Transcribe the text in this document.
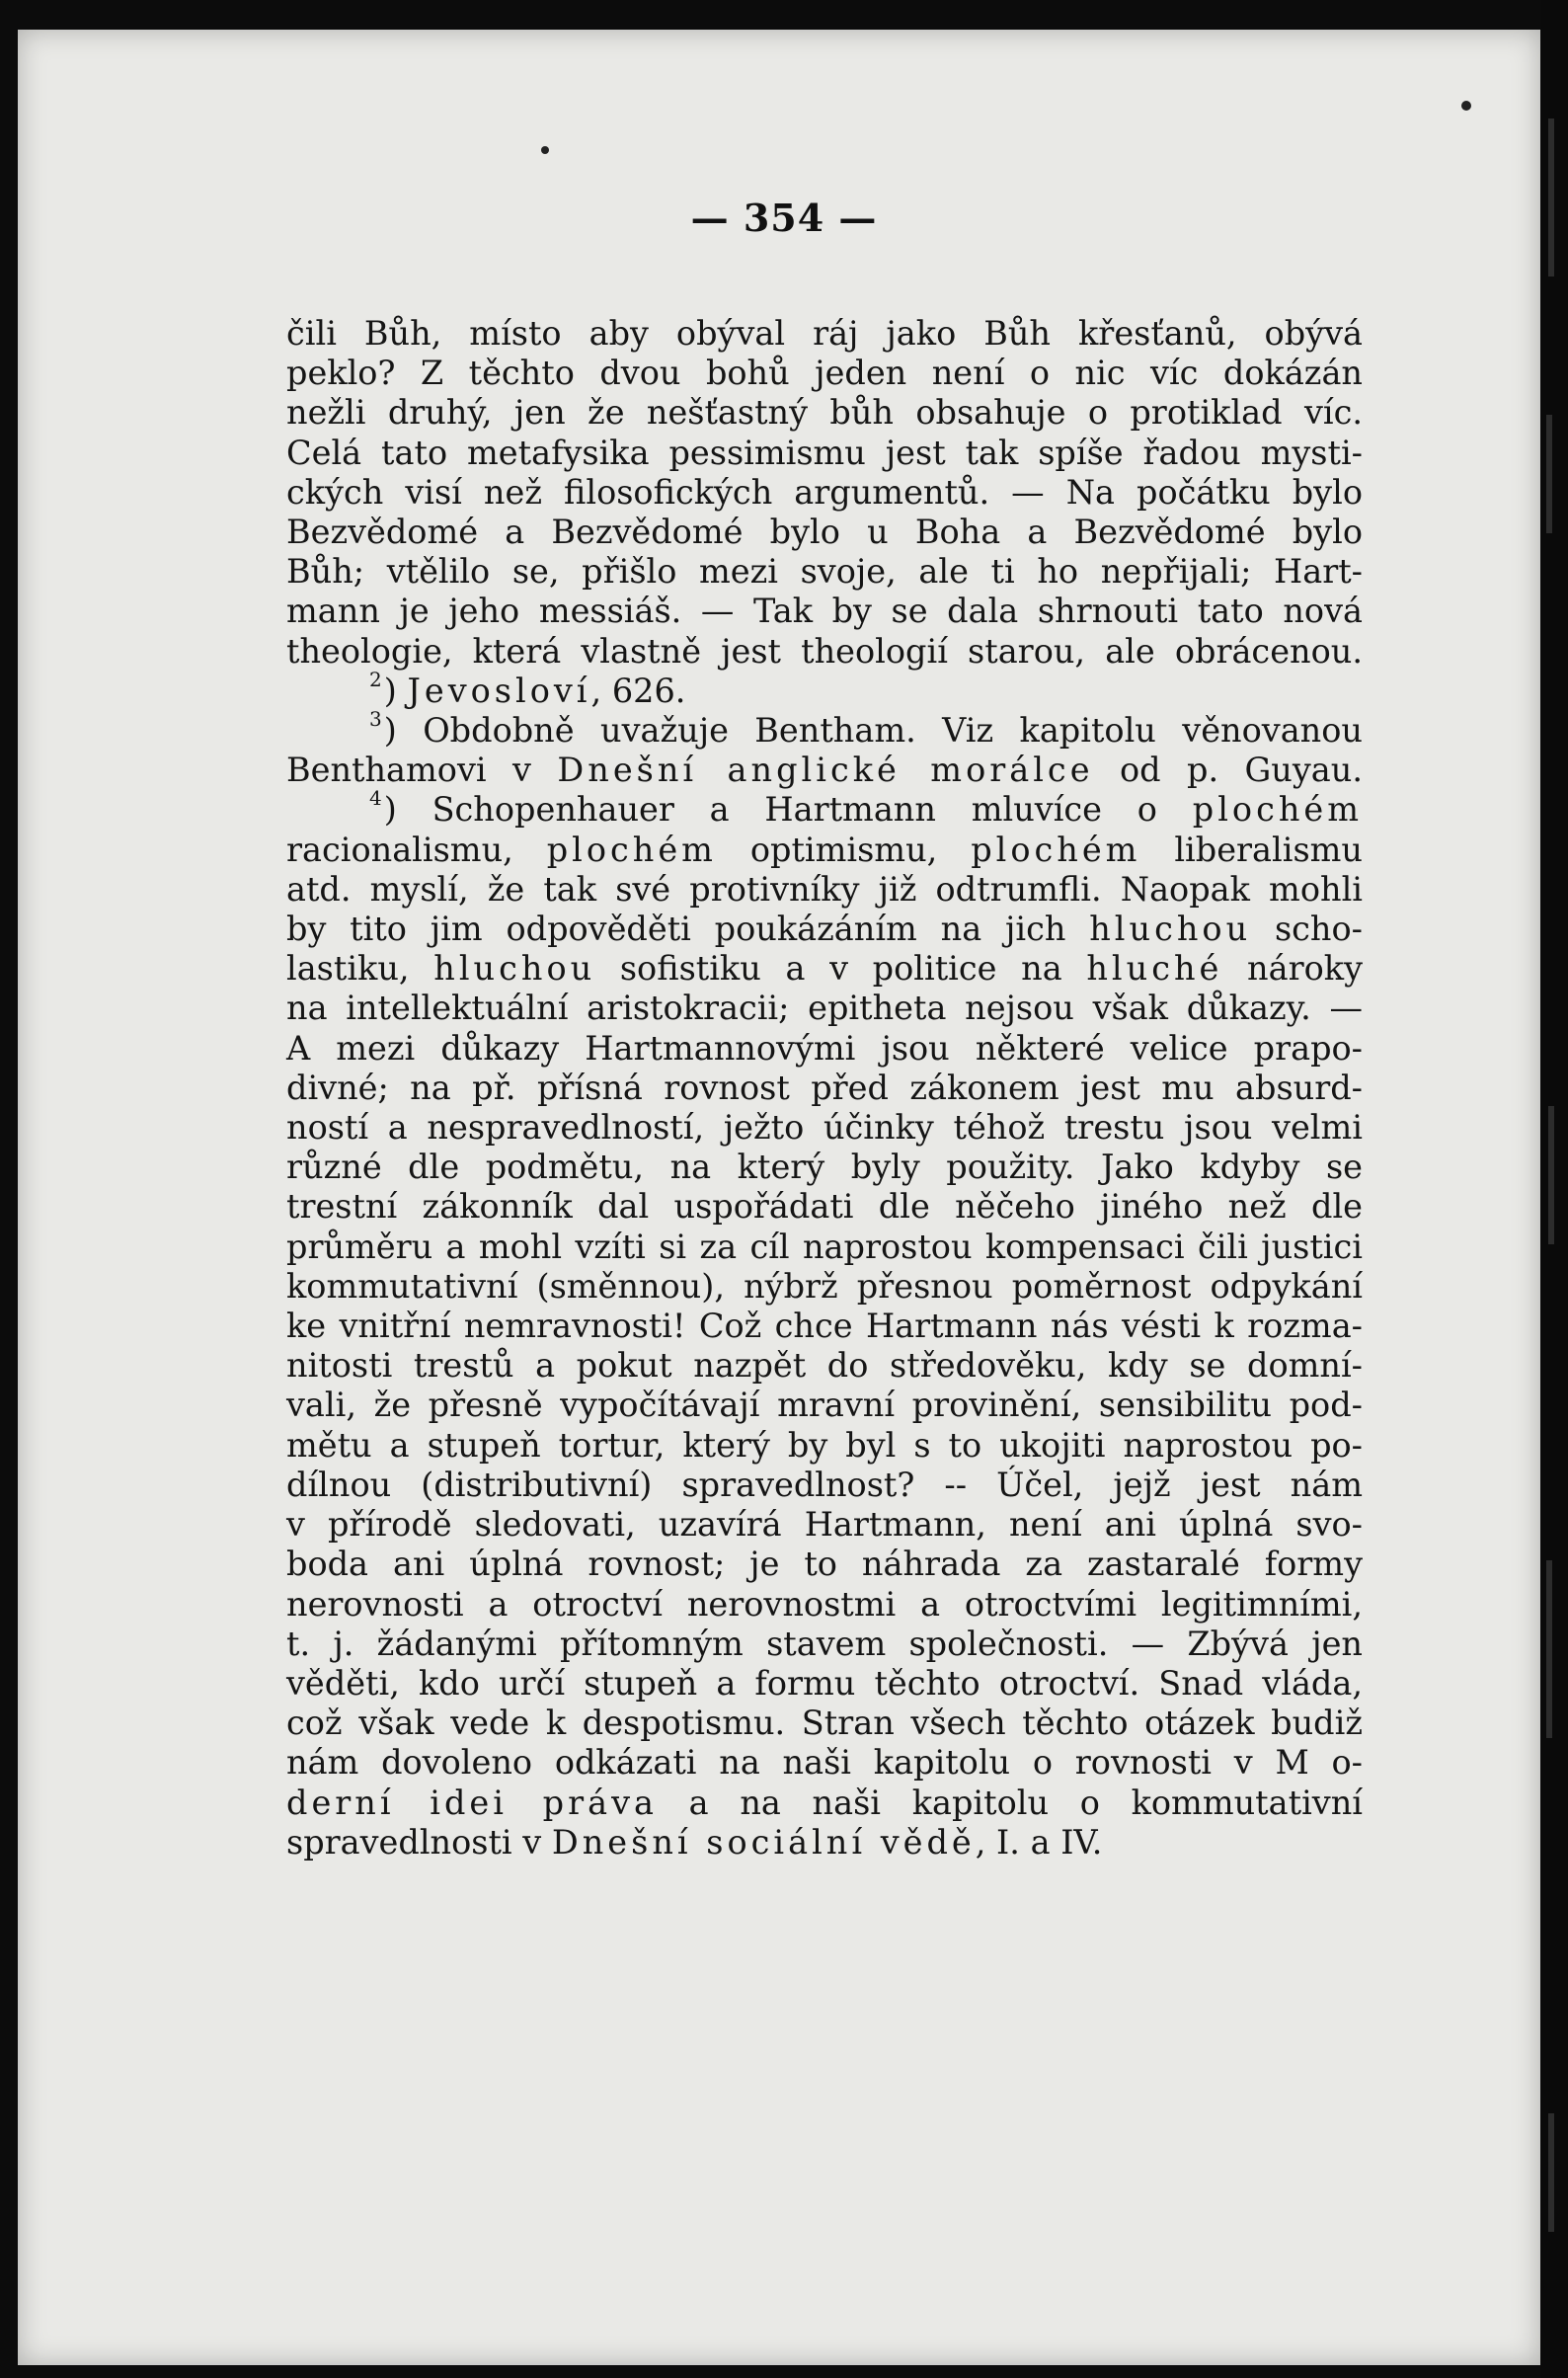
— 354 —
čili Bůh, místo aby obýval ráj jako Bůh křesťanů, obývá
peklo? Z těchto dvou bohů jeden není o nic víc dokázán
nežli druhý, jen že nešťastný bůh obsahuje o protiklad víc.
Celá tato metafysika pessimismu jest tak spíše řadou mysti-
ckých visí než filosofických argumentů. — Na počátku bylo
Bezvědomé a Bezvědomé bylo u Boha a Bezvědomé bylo
Bůh; vtělilo se, přišlo mezi svoje, ale ti ho nepřijali; Hart-
mann je jeho messiáš. — Tak by se dala shrnouti tato nová
theologie, která vlastně jest theologií starou, ale obrácenou.
$^2$) Jevosloví, 626.
$^3$) Obdobně uvažuje Bentham. Viz kapitolu věnovanou
Benthamovi v Dnešní anglické morálce od p. Guyau.
$^4$) Schopenhauer a Hartmann mluvíce o plochém
racionalismu, plochém optimismu, plochém liberalismu
atd. myslí, že tak své protivníky již odtrumfli. Naopak mohli
by tito jim odpověděti poukázáním na jich hluchou scho-
lastiku, hluchou sofistiku a v politice na hluché nároky
na intellektuální aristokracii; epitheta nejsou však důkazy. —
A mezi důkazy Hartmannovými jsou některé velice prapo-
divné; na př. přísná rovnost před zákonem jest mu absurd-
ností a nespravedlností, ježto účinky téhož trestu jsou velmi
různé dle podmětu, na který byly použity. Jako kdyby se
trestní zákonník dal uspořádati dle něčeho jiného než dle
průměru a mohl vzíti si za cíl naprostou kompensaci čili justici
kommutativní (směnnou), nýbrž přesnou poměrnost odpykání
ke vnitřní nemravnosti! Což chce Hartmann nás vésti k rozma-
nitosti trestů a pokut nazpět do středověku, kdy se domní-
vali, že přesně vypočítávají mravní provinění, sensibilitu pod-
mětu a stupeň tortur, který by byl s to ukojiti naprostou po-
dílnou (distributivní) spravedlnost? -- Účel, jejž jest nám
v přírodě sledovati, uzavírá Hartmann, není ani úplná svo-
boda ani úplná rovnost; je to náhrada za zastaralé formy
nerovnosti a otroctví nerovnostmi a otroctvími legitimními,
t. j. žádanými přítomným stavem společnosti. — Zbývá jen
věděti, kdo určí stupeň a formu těchto otroctví. Snad vláda,
což však vede k despotismu. Stran všech těchto otázek budiž
nám dovoleno odkázati na naši kapitolu o rovnosti v M o-
derní idei práva a na naši kapitolu o kommutativní
spravedlnosti v Dnešní sociální vědě, I. a IV.
